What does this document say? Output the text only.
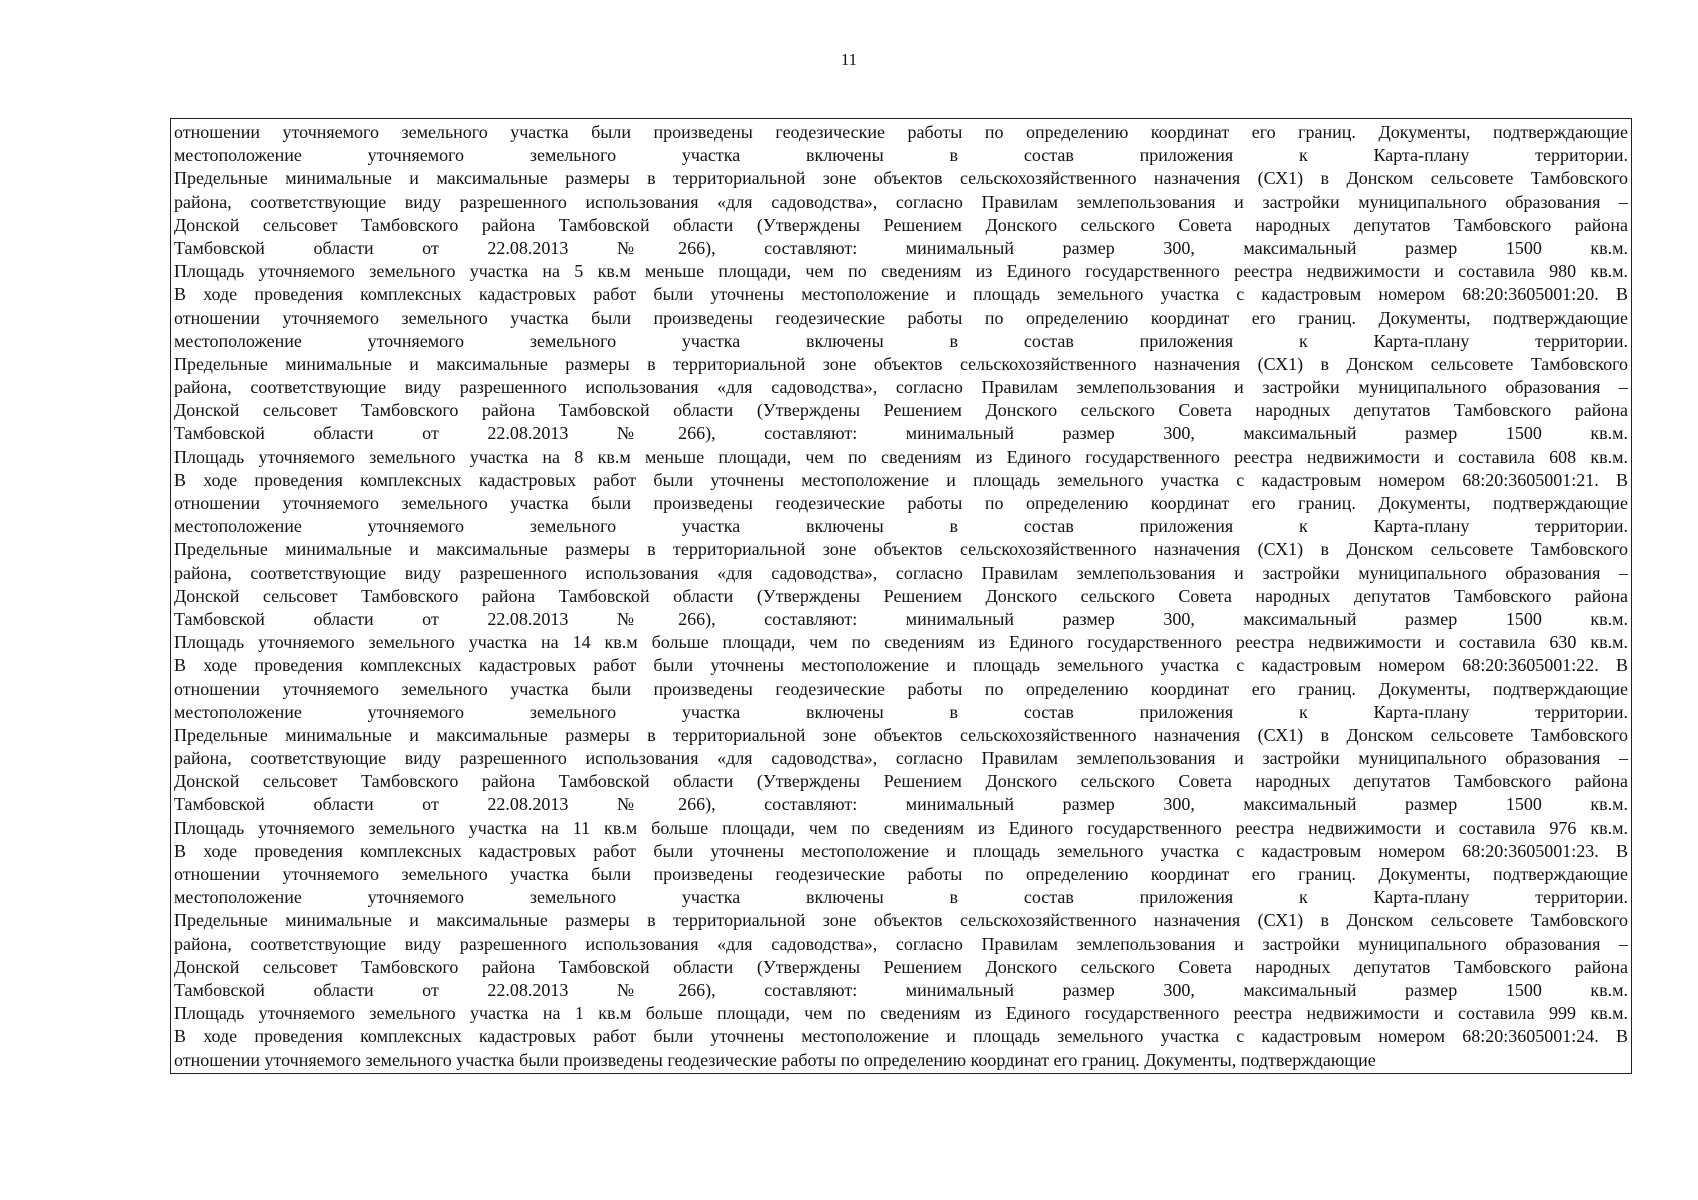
11
отношении уточняемого земельного участка были произведены геодезические работы по определению координат его границ. Документы, подтверждающие
местоположение уточняемого земельного участка включены в состав приложения к Карта-плану территории.
Предельные минимальные и максимальные размеры в территориальной зоне объектов сельскохозяйственного назначения (СХ1) в Донском сельсовете Тамбовского
района, соответствующие виду разрешенного использования «для садоводства», согласно Правилам землепользования и застройки муниципального образования –
Донской сельсовет Тамбовского района Тамбовской области (Утверждены Решением Донского сельского Совета народных депутатов Тамбовского района
Тамбовской области от 22.08.2013 №266), составляют: минимальный размер 300, максимальный размер 1500 кв.м.
Площадь уточняемого земельного участка на 5 кв.м меньше площади, чем по сведениям из Единого государственного реестра недвижимости и составила 980 кв.м.
В ходе проведения комплексных кадастровых работ были уточнены местоположение и площадь земельного участка с кадастровым номером 68:20:3605001:20. В
отношении уточняемого земельного участка были произведены геодезические работы по определению координат его границ. Документы, подтверждающие
местоположение уточняемого земельного участка включены в состав приложения к Карта-плану территории.
Предельные минимальные и максимальные размеры в территориальной зоне объектов сельскохозяйственного назначения (СХ1) в Донском сельсовете Тамбовского
района, соответствующие виду разрешенного использования «для садоводства», согласно Правилам землепользования и застройки муниципального образования –
Донской сельсовет Тамбовского района Тамбовской области (Утверждены Решением Донского сельского Совета народных депутатов Тамбовского района
Тамбовской области от 22.08.2013 №266), составляют: минимальный размер 300, максимальный размер 1500 кв.м.
Площадь уточняемого земельного участка на 8 кв.м меньше площади, чем по сведениям из Единого государственного реестра недвижимости и составила 608 кв.м.
В ходе проведения комплексных кадастровых работ были уточнены местоположение и площадь земельного участка с кадастровым номером 68:20:3605001:21. В
отношении уточняемого земельного участка были произведены геодезические работы по определению координат его границ. Документы, подтверждающие
местоположение уточняемого земельного участка включены в состав приложения к Карта-плану территории.
Предельные минимальные и максимальные размеры в территориальной зоне объектов сельскохозяйственного назначения (СХ1) в Донском сельсовете Тамбовского
района, соответствующие виду разрешенного использования «для садоводства», согласно Правилам землепользования и застройки муниципального образования –
Донской сельсовет Тамбовского района Тамбовской области (Утверждены Решением Донского сельского Совета народных депутатов Тамбовского района
Тамбовской области от 22.08.2013 №266), составляют: минимальный размер 300, максимальный размер 1500 кв.м.
Площадь уточняемого земельного участка на 14 кв.м больше площади, чем по сведениям из Единого государственного реестра недвижимости и составила 630 кв.м.
В ходе проведения комплексных кадастровых работ были уточнены местоположение и площадь земельного участка с кадастровым номером 68:20:3605001:22. В
отношении уточняемого земельного участка были произведены геодезические работы по определению координат его границ. Документы, подтверждающие
местоположение уточняемого земельного участка включены в состав приложения к Карта-плану территории.
Предельные минимальные и максимальные размеры в территориальной зоне объектов сельскохозяйственного назначения (СХ1) в Донском сельсовете Тамбовского
района, соответствующие виду разрешенного использования «для садоводства», согласно Правилам землепользования и застройки муниципального образования –
Донской сельсовет Тамбовского района Тамбовской области (Утверждены Решением Донского сельского Совета народных депутатов Тамбовского района
Тамбовской области от 22.08.2013 №266), составляют: минимальный размер 300, максимальный размер 1500 кв.м.
Площадь уточняемого земельного участка на 11 кв.м больше площади, чем по сведениям из Единого государственного реестра недвижимости и составила 976 кв.м.
В ходе проведения комплексных кадастровых работ были уточнены местоположение и площадь земельного участка с кадастровым номером 68:20:3605001:23. В
отношении уточняемого земельного участка были произведены геодезические работы по определению координат его границ. Документы, подтверждающие
местоположение уточняемого земельного участка включены в состав приложения к Карта-плану территории.
Предельные минимальные и максимальные размеры в территориальной зоне объектов сельскохозяйственного назначения (СХ1) в Донском сельсовете Тамбовского
района, соответствующие виду разрешенного использования «для садоводства», согласно Правилам землепользования и застройки муниципального образования –
Донской сельсовет Тамбовского района Тамбовской области (Утверждены Решением Донского сельского Совета народных депутатов Тамбовского района
Тамбовской области от 22.08.2013 №266), составляют: минимальный размер 300, максимальный размер 1500 кв.м.
Площадь уточняемого земельного участка на 1 кв.м больше площади, чем по сведениям из Единого государственного реестра недвижимости и составила 999 кв.м.
В ходе проведения комплексных кадастровых работ были уточнены местоположение и площадь земельного участка с кадастровым номером 68:20:3605001:24. В
отношении уточняемого земельного участка были произведены геодезические работы по определению координат его границ. Документы, подтверждающие
